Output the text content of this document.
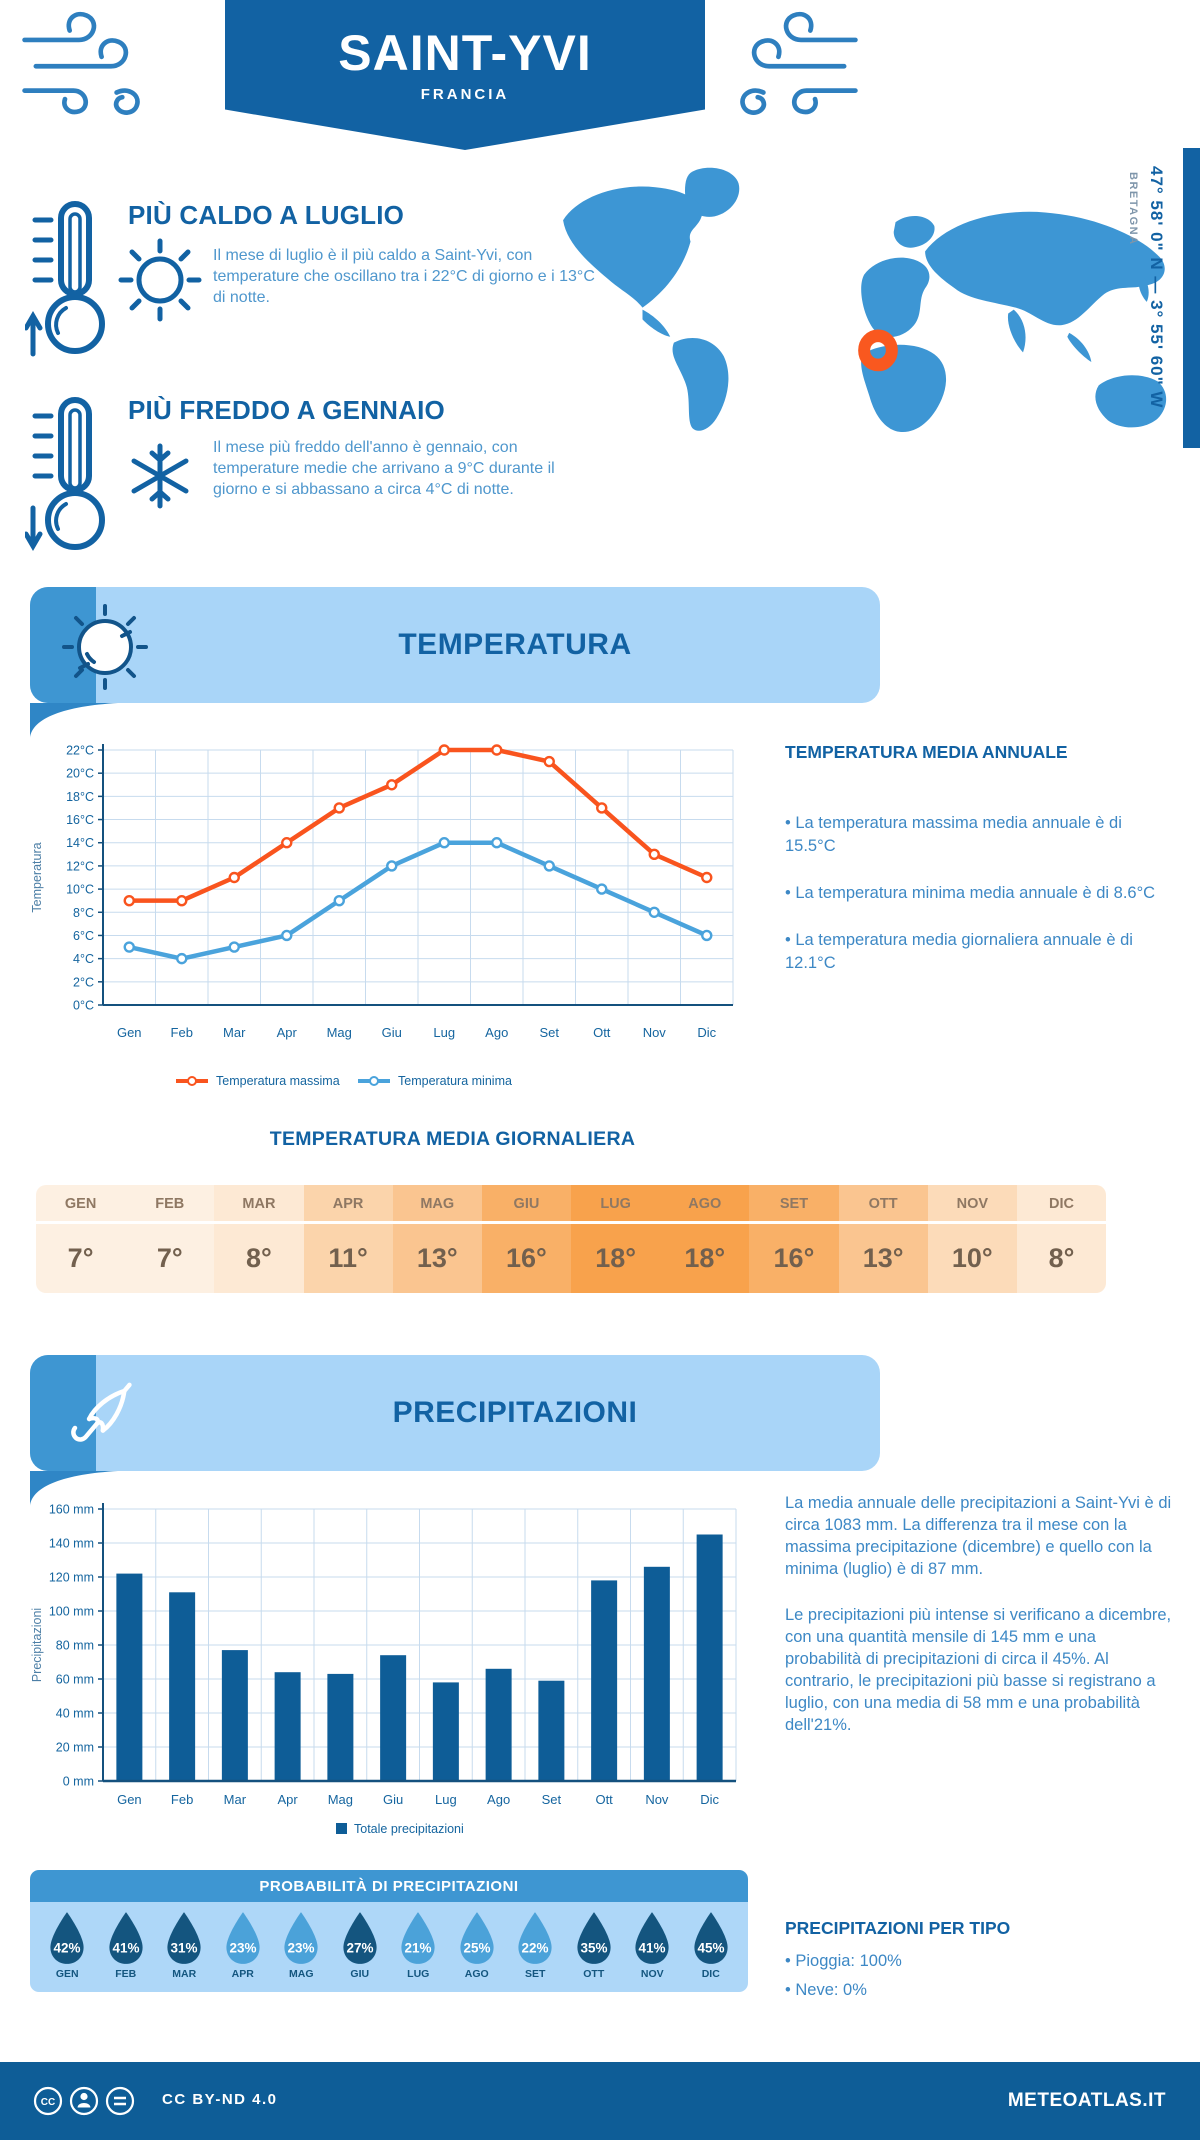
SAINT-YVI
FRANCIA
PIÙ CALDO A LUGLIO
Il mese di luglio è il più caldo a Saint-Yvi, con temperature che oscillano tra i 22°C di giorno e i 13°C di notte.
PIÙ FREDDO A GENNAIO
Il mese più freddo dell'anno è gennaio, con temperature medie che arrivano a 9°C durante il giorno e si abbassano a circa 4°C di notte.
47° 58' 0" N — 3° 55' 60" W
BRETAGNA
TEMPERATURA
0°C
2°C
4°C
6°C
8°C
10°C
12°C
14°C
16°C
18°C
20°C
22°C
Gen Feb Mar Apr Mag Giu Lug Ago Set	Ott Nov Dic
Temperatura massima	Temperatura minima
Temperatura
TEMPERATURA MEDIA ANNUALE
• La temperatura massima media annuale è di 15.5°C
• La temperatura minima media annuale è di 8.6°C
• La temperatura media giornaliera annuale è di 12.1°C
TEMPERATURA MEDIA GIORNALIERA
GEN
7°
FEB
7°
MAR
8°
APR
11°
MAG
13°
GIU
16°
LUG
18°
AGO
18°
SET
16°
OTT
13°
NOV
10°
DIC
8°
PRECIPITAZIONI
0 mm
20 mm
40 mm
60 mm
80 mm
100 mm
120 mm
140 mm
160 mm
Gen Feb Mar Apr Mag Giu Lug Ago Set	Ott	Nov Dic
Totale precipitazioni
Precipitazioni
La media annuale delle precipitazioni a Saint-Yvi è di circa 1083 mm. La differenza tra il mese con la massima precipitazione (dicembre) e quello con la minima (luglio) è di 87 mm.
Le precipitazioni più intense si verificano a dicembre, con una quantità mensile di 145 mm e una probabilità di precipitazioni di circa il 45%. Al contrario, le precipitazioni più basse si registrano a luglio, con una media di 58 mm e una probabilità dell'21%.
PROBABILITÀ DI PRECIPITAZIONI
42%
GEN
41%
FEB
31%
MAR
23%
APR
23%
MAG
27%
GIU
21%
LUG
25%
AGO
22%
SET
35%
OTT
41%
NOV
45%
DIC
PRECIPITAZIONI PER TIPO
• Pioggia: 100%
• Neve: 0%
CC	CC BY-ND 4.0	METEOATLAS.IT
